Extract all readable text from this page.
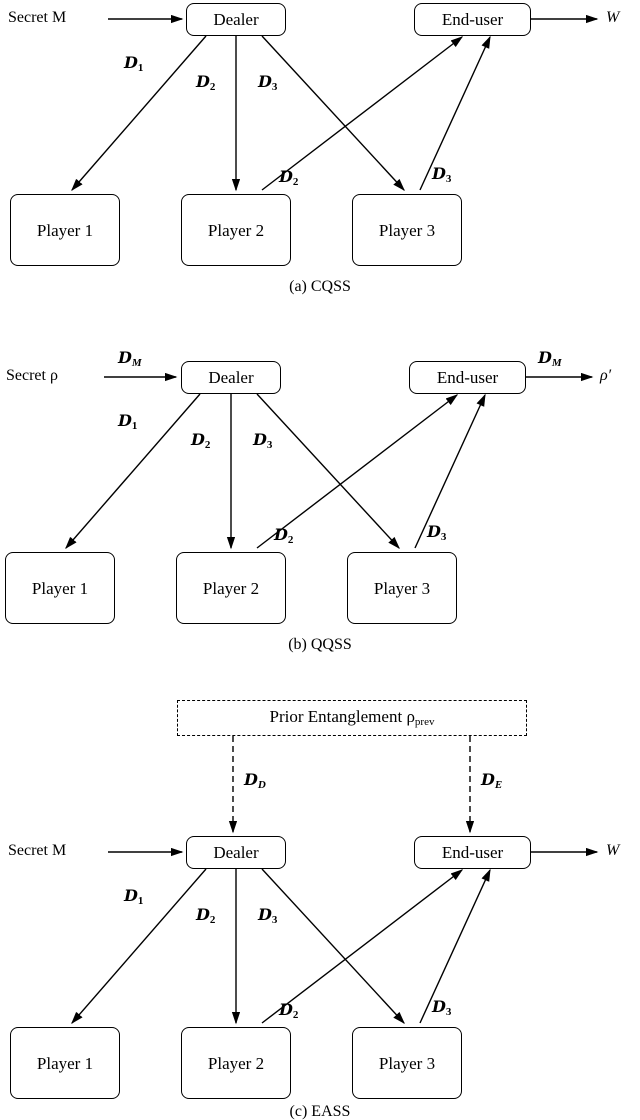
Secret M	W
Dealer	End-user
Player 1	Player 2	Player 3
$D_1$
$D_2$	$D_3$
$D_2$	$D_3$
(a) CQSS
Secret ρ
DM	DM
ρ′
Dealer	End-user
Player 1	Player 2	Player 3
$D_1$
$D_2$	$D_3$
$D_2$	$D_3$
(b) QQSS
Prior Entanglement $\rho_{prev}$
DD	DE
Secret M	W
Dealer	End-user
Player 1	Player 2	Player 3
$D_1$
$D_2$	$D_3$
$D_2$	$D_3$
(c) EASS
